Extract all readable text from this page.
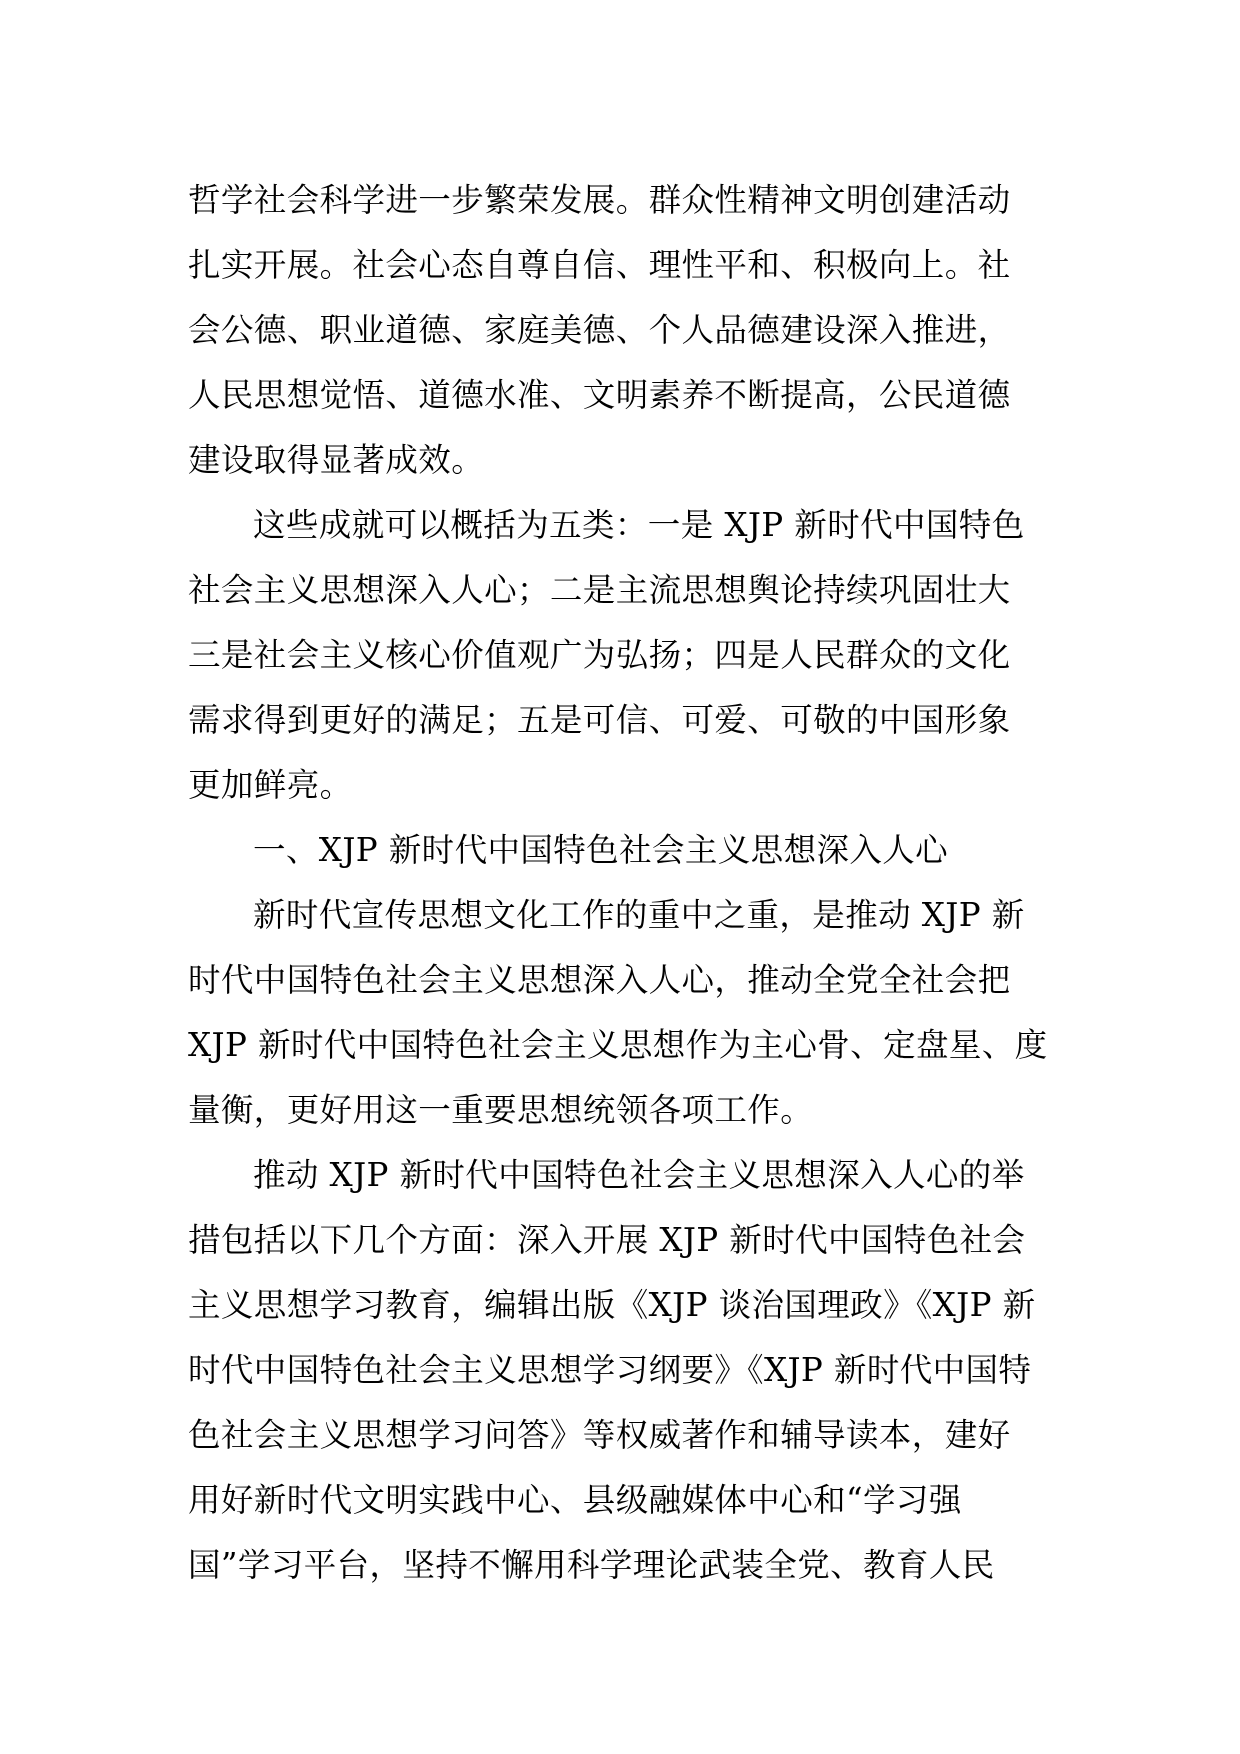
哲学社会科学进一步繁荣发展。群众性精神文明创建活动
扎实开展。社会心态自尊自信、理性平和、积极向上。社
会公德、职业道德、家庭美德、个人品德建设深入推进，
人民思想觉悟、道德水准、文明素养不断提高，公民道德
建设取得显著成效。
这些成就可以概括为五类：一是 XJP 新时代中国特色
社会主义思想深入人心；二是主流思想舆论持续巩固壮大
三是社会主义核心价值观广为弘扬；四是人民群众的文化
需求得到更好的满足；五是可信、可爱、可敬的中国形象
更加鲜亮。
一、XJP 新时代中国特色社会主义思想深入人心
新时代宣传思想文化工作的重中之重，是推动 XJP 新
时代中国特色社会主义思想深入人心，推动全党全社会把
XJP 新时代中国特色社会主义思想作为主心骨、定盘星、度
量衡，更好用这一重要思想统领各项工作。
推动 XJP 新时代中国特色社会主义思想深入人心的举
措包括以下几个方面：深入开展 XJP 新时代中国特色社会
主义思想学习教育，编辑出版《XJP 谈治国理政》《XJP 新
时代中国特色社会主义思想学习纲要》《XJP 新时代中国特
色社会主义思想学习问答》等权威著作和辅导读本，建好
用好新时代文明实践中心、县级融媒体中心和“学习强
国”学习平台，坚持不懈用科学理论武装全党、教育人民
